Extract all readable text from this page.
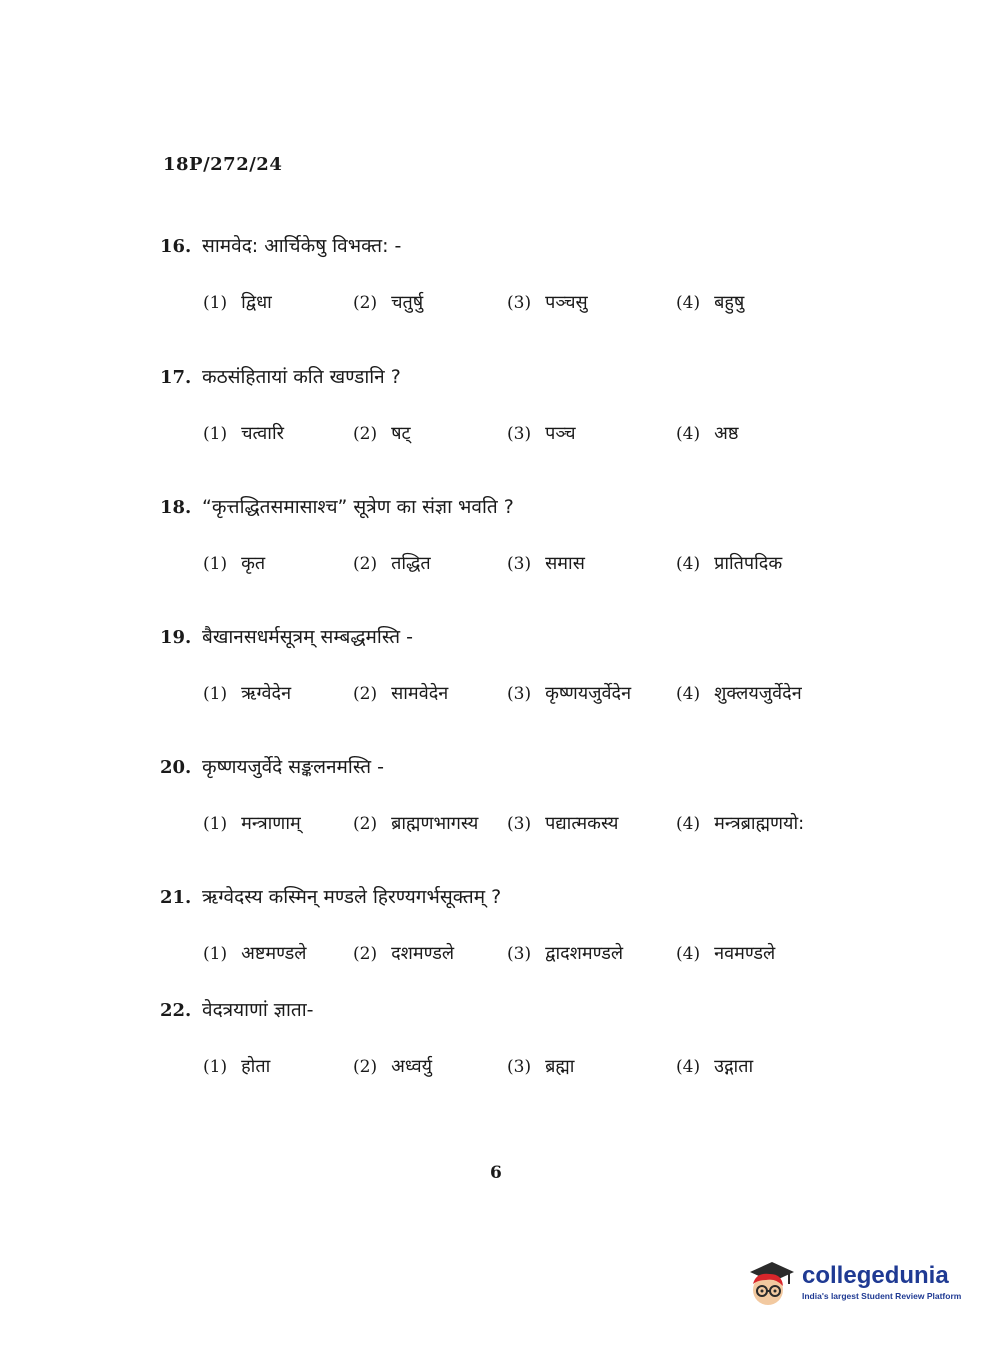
18P/272/24
16. सामवेद: आर्चिकेषु विभक्त: -
(1) द्विधा	(2) चतुर्षु	(3) पञ्चसु	(4) बहुषु
17. कठसंहितायां कति खण्डानि ?
(1) चत्वारि	(2) षट्	(3) पञ्च	(4) अष्ठ
18. “कृत्तद्धितसमासाश्च” सूत्रेण का संज्ञा भवति ?
(1) कृत	(2) तद्धित	(3) समास	(4) प्रातिपदिक
19. बैखानसधर्मसूत्रम् सम्बद्धमस्ति -
(1) ऋग्वेदेन	(2) सामवेदेन	(3) कृष्णयजुर्वेदेन	(4) शुक्लयजुर्वेदेन
20. कृष्णयजुर्वेदे सङ्कलनमस्ति -
(1) मन्त्राणाम्	(2) ब्राह्मणभागस्य (3) पद्यात्मकस्य	(4) मन्त्रब्राह्मणयो:
21. ऋग्वेदस्य कस्मिन् मण्डले हिरण्यगर्भसूक्तम् ?
(1) अष्टमण्डले	(2) दशमण्डले	(3) द्वादशमण्डले	(4) नवमण्डले
22. वेदत्रयाणां ज्ञाता-
(1) होता	(2) अध्वर्यु	(3) ब्रह्मा	(4) उद्गाता
6
collegedunia
India's largest Student Review Platform
